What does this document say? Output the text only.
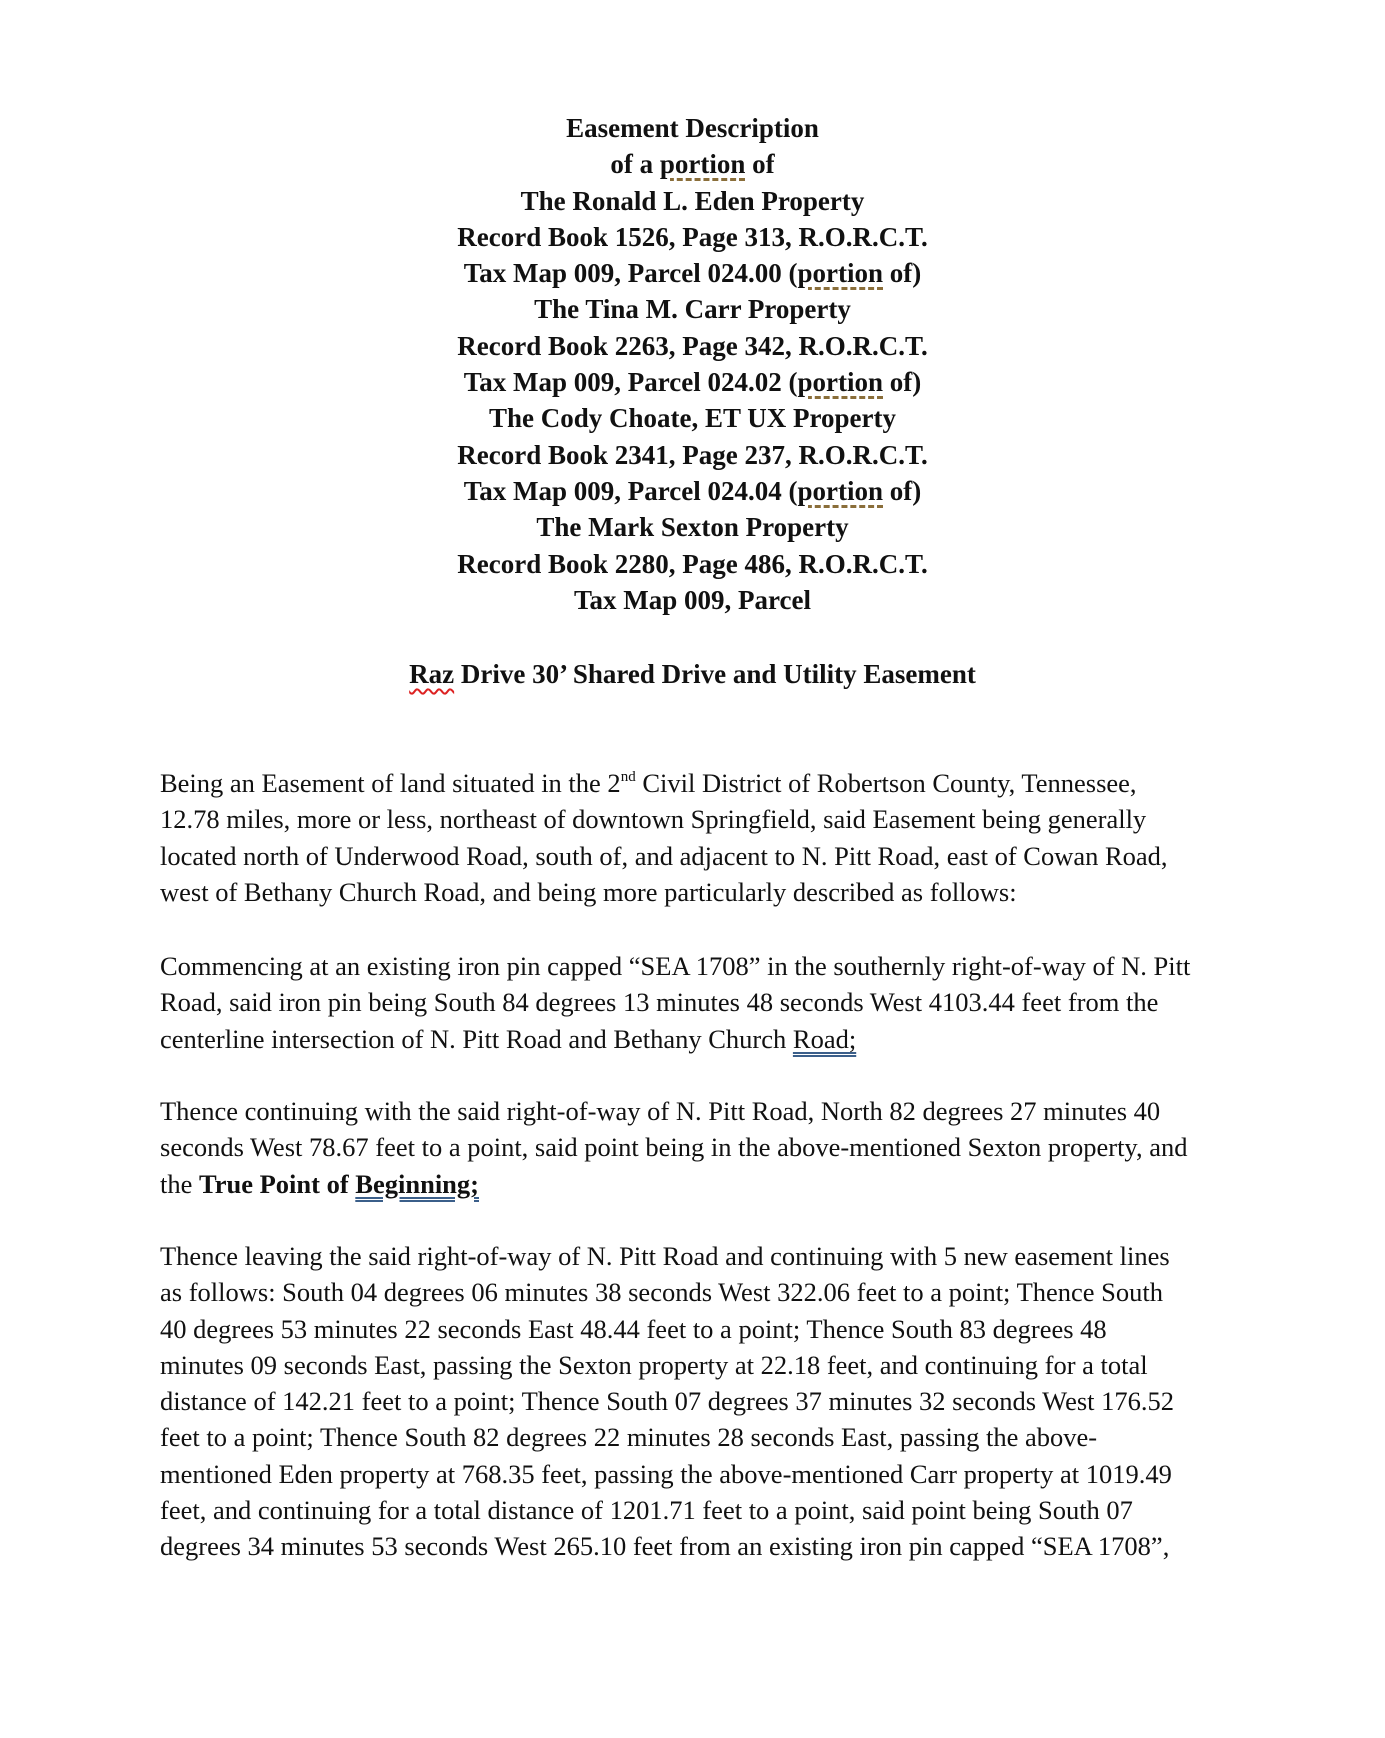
Easement Description
of a portion of
The Ronald L. Eden Property
Record Book 1526, Page 313, R.O.R.C.T.
Tax Map 009, Parcel 024.00 (portion of)
The Tina M. Carr Property
Record Book 2263, Page 342, R.O.R.C.T.
Tax Map 009, Parcel 024.02 (portion of)
The Cody Choate, ET UX Property
Record Book 2341, Page 237, R.O.R.C.T.
Tax Map 009, Parcel 024.04 (portion of)
The Mark Sexton Property
Record Book 2280, Page 486, R.O.R.C.T.
Tax Map 009, Parcel
Raz Drive 30’ Shared Drive and Utility Easement
Being an Easement of land situated in the 2nd Civil District of Robertson County, Tennessee,
12.78 miles, more or less, northeast of downtown Springfield, said Easement being generally
located north of Underwood Road, south of, and adjacent to N. Pitt Road, east of Cowan Road,
west of Bethany Church Road, and being more particularly described as follows:
Commencing at an existing iron pin capped “SEA 1708” in the southernly right-of-way of N. Pitt
Road, said iron pin being South 84 degrees 13 minutes 48 seconds West 4103.44 feet from the
centerline intersection of N. Pitt Road and Bethany Church Road;
Thence continuing with the said right-of-way of N. Pitt Road, North 82 degrees 27 minutes 40
seconds West 78.67 feet to a point, said point being in the above-mentioned Sexton property, and
the True Point of Beginning;
Thence leaving the said right-of-way of N. Pitt Road and continuing with 5 new easement lines
as follows: South 04 degrees 06 minutes 38 seconds West 322.06 feet to a point; Thence South
40 degrees 53 minutes 22 seconds East 48.44 feet to a point; Thence South 83 degrees 48
minutes 09 seconds East, passing the Sexton property at 22.18 feet, and continuing for a total
distance of 142.21 feet to a point; Thence South 07 degrees 37 minutes 32 seconds West 176.52
feet to a point; Thence South 82 degrees 22 minutes 28 seconds East, passing the above-
mentioned Eden property at 768.35 feet, passing the above-mentioned Carr property at 1019.49
feet, and continuing for a total distance of 1201.71 feet to a point, said point being South 07
degrees 34 minutes 53 seconds West 265.10 feet from an existing iron pin capped “SEA 1708”,
